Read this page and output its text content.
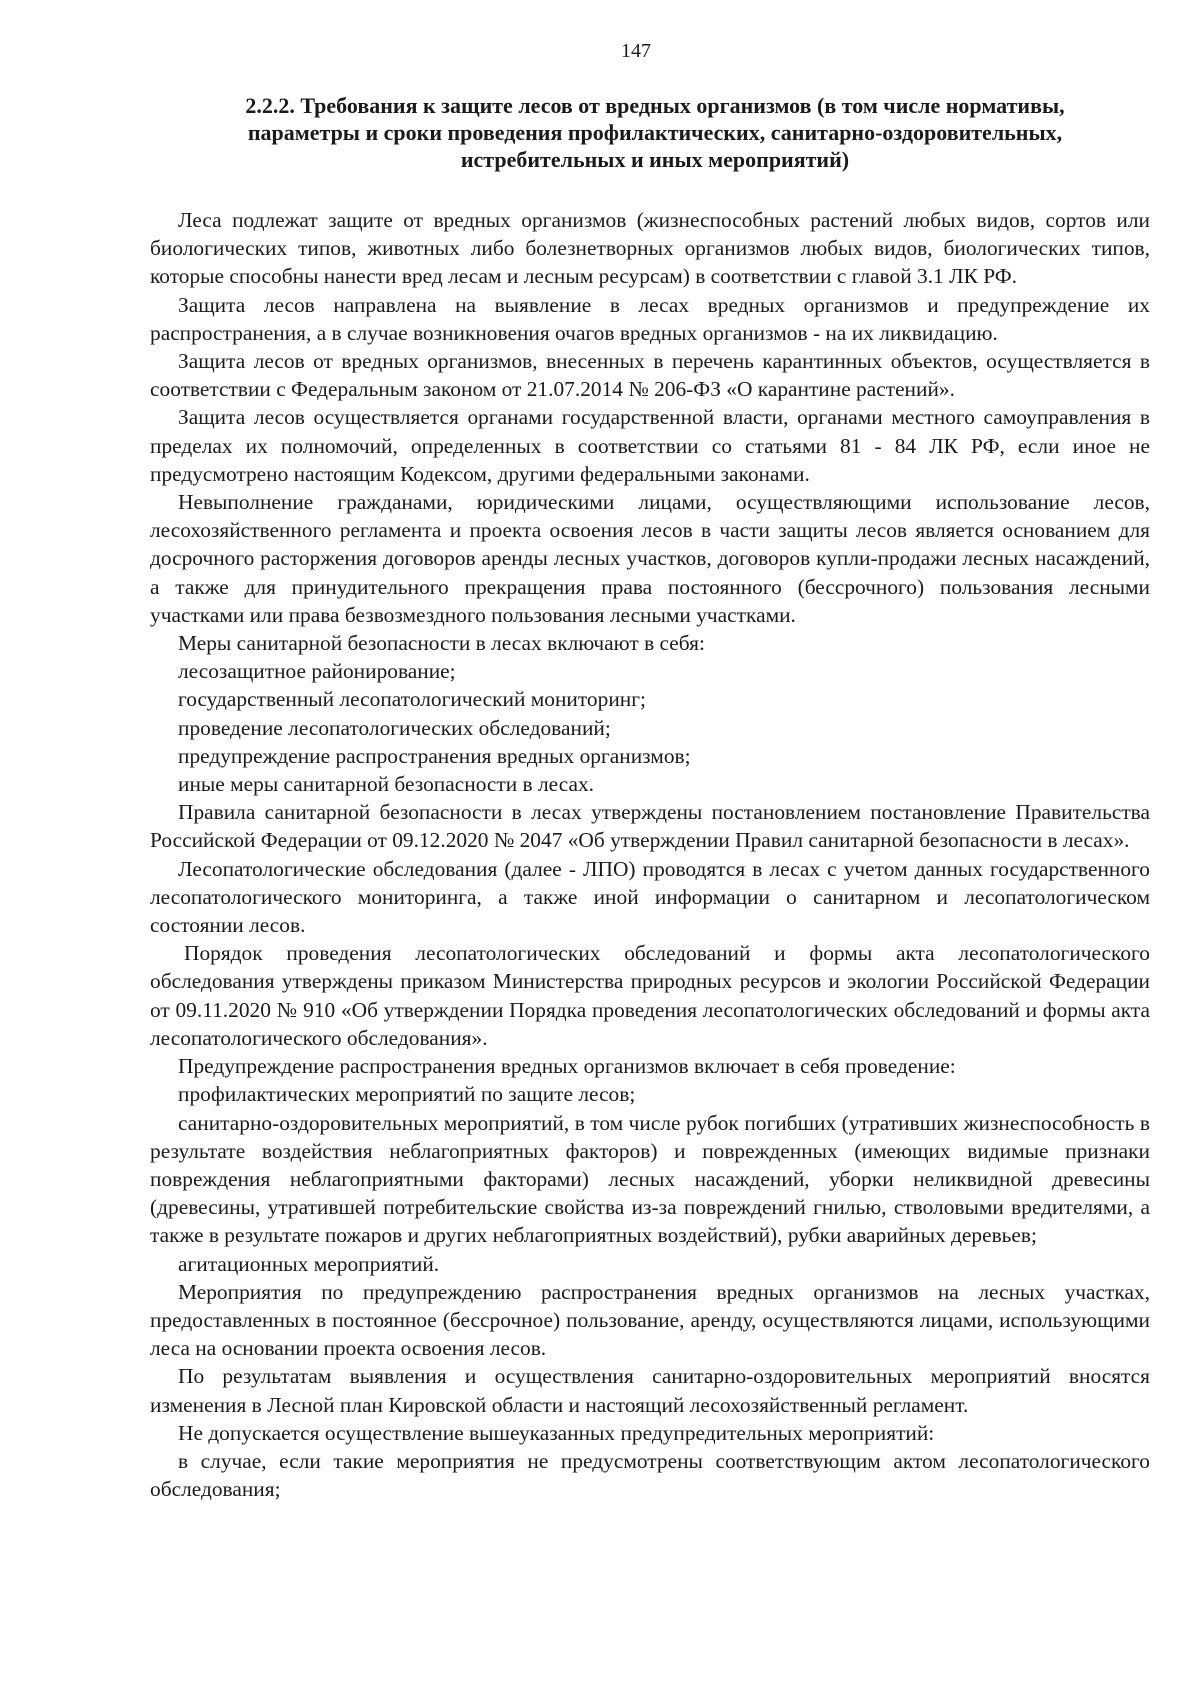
147
2.2.2. Требования к защите лесов от вредных организмов (в том числе нормативы, параметры и сроки проведения профилактических, санитарно-оздоровительных, истребительных и иных мероприятий)

Леса подлежат защите от вредных организмов (жизнеспособных растений любых видов, сортов или биологических типов, животных либо болезнетворных организмов любых видов, биологических типов, которые способны нанести вред лесам и лесным ресурсам) в соответствии с главой 3.1 ЛК РФ.

Защита лесов направлена на выявление в лесах вредных организмов и предупреждение их распространения, а в случае возникновения очагов вредных организмов - на их ликвидацию.

Защита лесов от вредных организмов, внесенных в перечень карантинных объектов, осуществляется в соответствии с Федеральным законом от 21.07.2014 № 206-ФЗ «О карантине растений».

Защита лесов осуществляется органами государственной власти, органами местного самоуправления в пределах их полномочий, определенных в соответствии со статьями 81 - 84 ЛК РФ, если иное не предусмотрено настоящим Кодексом, другими федеральными законами.

Невыполнение гражданами, юридическими лицами, осуществляющими использование лесов, лесохозяйственного регламента и проекта освоения лесов в части защиты лесов является основанием для досрочного расторжения договоров аренды лесных участков, договоров купли-продажи лесных насаждений, а также для принудительного прекращения права постоянного (бессрочного) пользования лесными участками или права безвозмездного пользования лесными участками.

Меры санитарной безопасности в лесах включают в себя:

лесозащитное районирование;

государственный лесопатологический мониторинг;

проведение лесопатологических обследований;

предупреждение распространения вредных организмов;

иные меры санитарной безопасности в лесах.

Правила санитарной безопасности в лесах утверждены постановлением постановление Правительства Российской Федерации от 09.12.2020 № 2047 «Об утверждении Правил санитарной безопасности в лесах».

Лесопатологические обследования (далее - ЛПО) проводятся в лесах с учетом данных государственного лесопатологического мониторинга, а также иной информации о санитарном и лесопатологическом состоянии лесов.

Порядок проведения лесопатологических обследований и формы акта лесопатологического обследования утверждены приказом Министерства природных ресурсов и экологии Российской Федерации от 09.11.2020 № 910 «Об утверждении Порядка проведения лесопатологических обследований и формы акта лесопатологического обследования».

Предупреждение распространения вредных организмов включает в себя проведение:

профилактических мероприятий по защите лесов;

санитарно-оздоровительных мероприятий, в том числе рубок погибших (утративших жизнеспособность в результате воздействия неблагоприятных факторов) и поврежденных (имеющих видимые признаки повреждения неблагоприятными факторами) лесных насаждений, уборки неликвидной древесины (древесины, утратившей потребительские свойства из-за повреждений гнилью, стволовыми вредителями, а также в результате пожаров и других неблагоприятных воздействий), рубки аварийных деревьев;

агитационных мероприятий.

Мероприятия по предупреждению распространения вредных организмов на лесных участках, предоставленных в постоянное (бессрочное) пользование, аренду, осуществляются лицами, использующими леса на основании проекта освоения лесов.

По результатам выявления и осуществления санитарно-оздоровительных мероприятий вносятся изменения в Лесной план Кировской области и настоящий лесохозяйственный регламент.

Не допускается осуществление вышеуказанных предупредительных мероприятий:

в случае, если такие мероприятия не предусмотрены соответствующим актом лесопатологического обследования;
